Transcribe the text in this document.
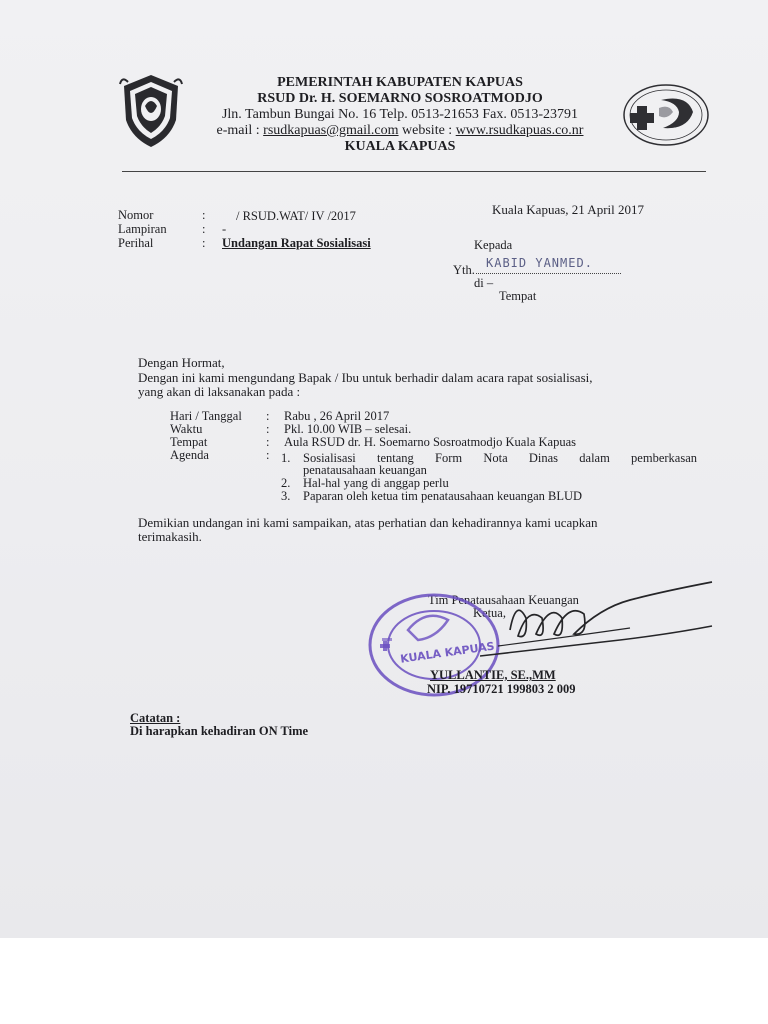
PEMERINTAH KABUPATEN KAPUAS
RSUD Dr. H. SOEMARNO SOSROATMODJO
Jln. Tambun Bungai No. 16 Telp. 0513-21653 Fax. 0513-23791
e-mail : rsudkapuas@gmail.com website : www.rsudkapuas.co.nr
KUALA KAPUAS
Kuala Kapuas, 21 April 2017
Nomor	: / RSUD.WAT/ IV /2017
Lampiran	: -
Perihal	: Undangan Rapat Sosialisasi	Kepada
Yth. KABID YANMED.
di –
Tempat
Dengan Hormat,
Dengan ini kami mengundang Bapak / Ibu untuk berhadir dalam acara rapat sosialisasi,
yang akan di laksanakan pada :
Hari / Tanggal : Rabu , 26 April 2017
Waktu	: Pkl. 10.00 WIB – selesai.
Tempat	: Aula RSUD dr. H. Soemarno Sosroatmodjo Kuala Kapuas
Agenda	: 1. Sosialisasi tentang Form Nota Dinas dalam pemberkasan
penatausahaan keuangan
2. Hal-hal yang di anggap perlu
3. Paparan oleh ketua tim penatausahaan keuangan BLUD
Demikian undangan ini kami sampaikan, atas perhatian dan kehadirannya kami ucapkan
terimakasih.
Tim Penatausahaan Keuangan
Ketua,
KUALA KAPUAS
YULLANTIE, SE.,MM
NIP. 19710721 199803 2 009
Catatan :
Di harapkan kehadiran ON Time
